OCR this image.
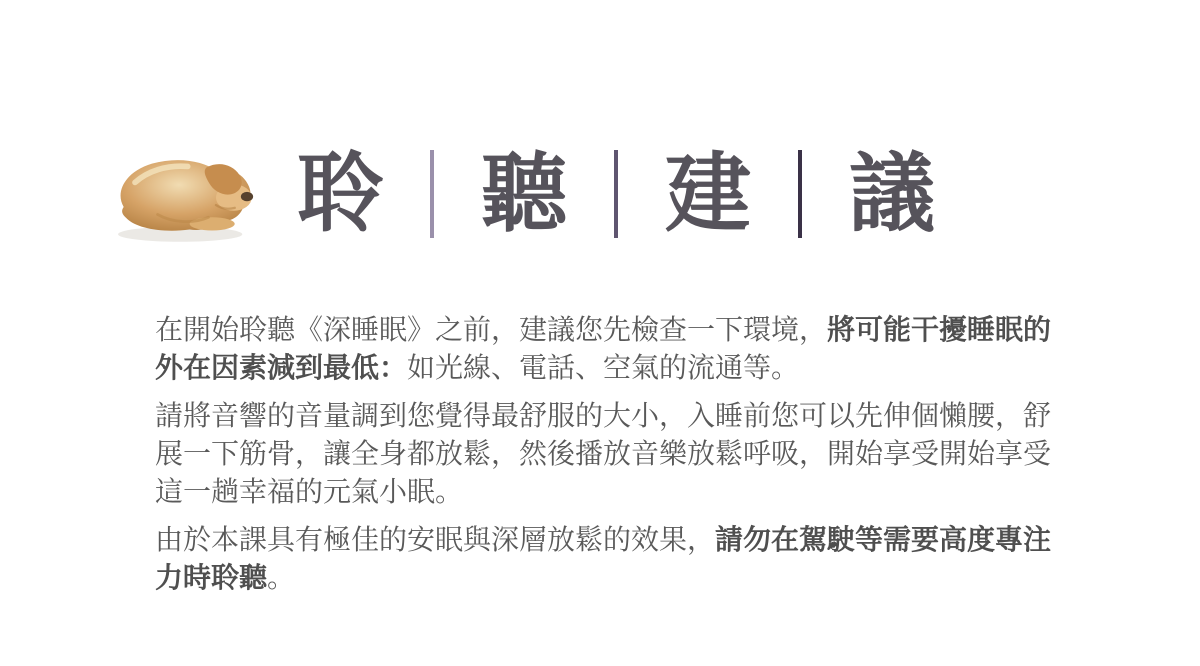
聆 聽 建 議
在開始聆聽《深睡眠》之前，建議您先檢查一下環境，將可能干擾睡眠的
外在因素減到最低：如光線、電話、空氣的流通等。
請將音響的音量調到您覺得最舒服的大小，入睡前您可以先伸個懶腰，舒
展一下筋骨，讓全身都放鬆，然後播放音樂放鬆呼吸，開始享受開始享受
這一趟幸福的元氣小眠。
由於本課具有極佳的安眠與深層放鬆的效果，請勿在駕駛等需要高度專注
力時聆聽。
